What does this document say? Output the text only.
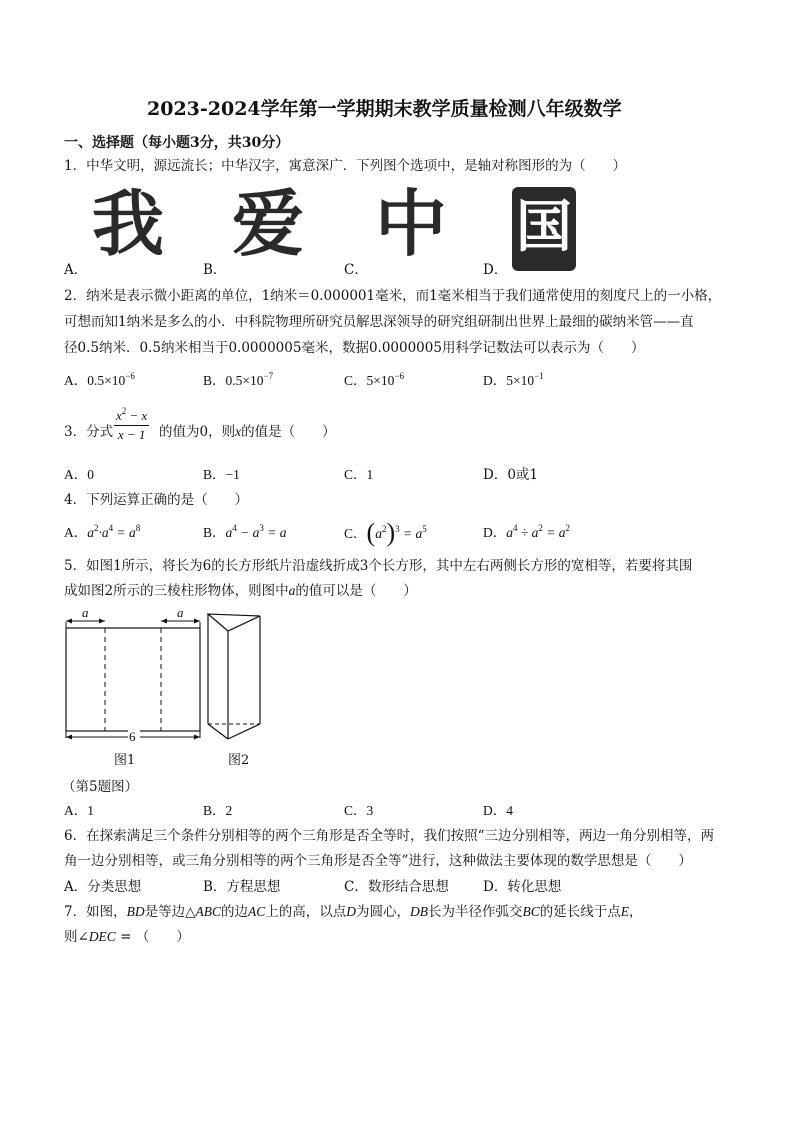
2023-2024学年第一学期期末教学质量检测八年级数学
一、选择题（每小题3分，共30分）
1．中华文明，源远流长；中华汉字，寓意深广．下列图个选项中，是轴对称图形的为（　　）
我 爱 中 国
A．	B．	C．	D．
2．纳米是表示微小距离的单位，1纳米＝0.000001毫米，而1毫米相当于我们通常使用的刻度尺上的一小格，
可想而知1纳米是多么的小．中科院物理所研究员解思深领导的研究组研制出世界上最细的碳纳米管——直
径0.5纳米．0.5纳米相当于0.0000005毫米，数据0.0000005用科学记数法可以表示为（　　）
A．$0.5\times 10^{-6}$	B．$0.5\times 10^{-7}$	C．$5\times 10^{-6}$	D．$5\times 10^{-1}$
3．分式 $\frac{x^2 - x}{x - 1}$ 的值为0，则x的值是（　　）
A．0	B．−1	C．1	D．0或1
4．下列运算正确的是（　　）
A．$a^2\cdot a^4 = a^8$	B．$a^4 - a^3 = a$	C．$(a^2)^3 = a^5$	D．$a^4 \div a^2 = a^2$
5．如图1所示，将长为6的长方形纸片沿虚线折成3个长方形，其中左右两侧长方形的宽相等，若要将其围
成如图2所示的三棱柱形物体，则图中a的值可以是（　　）
a	a
6
图1	图2
（第5题图）
A．1	B．2	C．3	D．4
6．在探索满足三个条件分别相等的两个三角形是否全等时，我们按照“三边分别相等，两边一角分别相等，两
角一边分别相等，或三角分别相等的两个三角形是否全等”进行，这种做法主要体现的数学思想是（　　）
A．分类思想	B．方程思想	C．数形结合思想	D．转化思想
7．如图，BD是等边△ABC的边AC上的高，以点D为圆心，DB长为半径作弧交BC的延长线于点E，
则∠DEC = （　　）
